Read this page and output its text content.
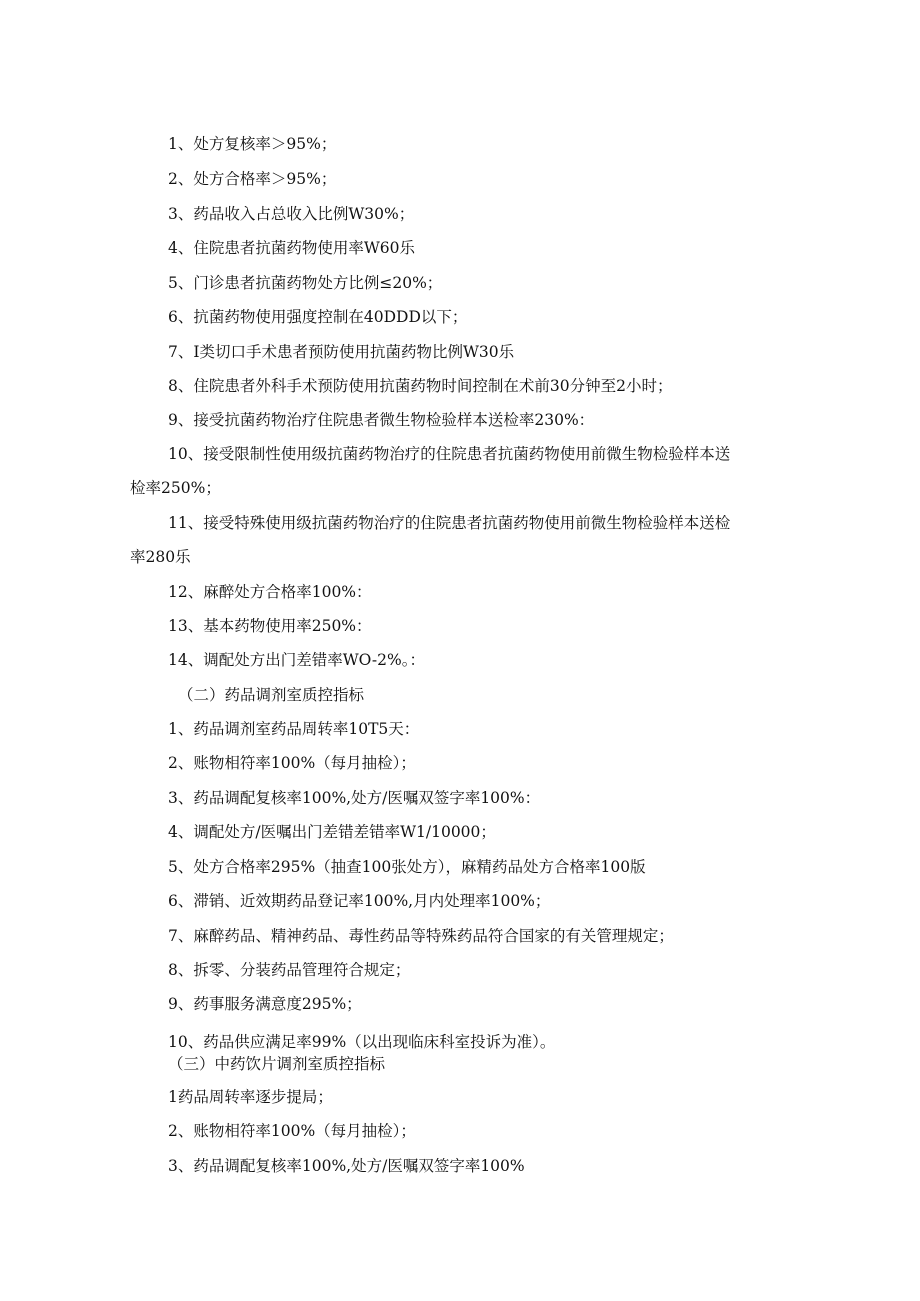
1、处方复核率＞95%；
2、处方合格率＞95%；
3、药品收入占总收入比例W30%；
4、住院患者抗菌药物使用率W60乐
5、门诊患者抗菌药物处方比例≤20%；
6、抗菌药物使用强度控制在40DDD以下；
7、I类切口手术患者预防使用抗菌药物比例W30乐
8、住院患者外科手术预防使用抗菌药物时间控制在术前30分钟至2小时；
9、接受抗菌药物治疗住院患者微生物检验样本送检率230%：
10、接受限制性使用级抗菌药物治疗的住院患者抗菌药物使用前微生物检验样本送
检率250%；
11、接受特殊使用级抗菌药物治疗的住院患者抗菌药物使用前微生物检验样本送检
率280乐
12、麻醉处方合格率100%：
13、基本药物使用率250%：
14、调配处方出门差错率WO-2%。：
（二）药品调剂室质控指标
1、药品调剂室药品周转率10T5天：
2、账物相符率100%（每月抽检）；
3、药品调配复核率100%,处方/医嘱双签字率100%：
4、调配处方/医嘱出门差错差错率W1/10000；
5、处方合格率295%（抽查100张处方），麻精药品处方合格率100版
6、滞销、近效期药品登记率100%,月内处理率100%；
7、麻醉药品、精神药品、毒性药品等特殊药品符合国家的有关管理规定；
8、拆零、分装药品管理符合规定；
9、药事服务满意度295%；
10、药品供应满足率99%（以出现临床科室投诉为准）。
（三）中药饮片调剂室质控指标
1药品周转率逐步提局；
2、账物相符率100%（每月抽检）；
3、药品调配复核率100%,处方/医嘱双签字率100%
